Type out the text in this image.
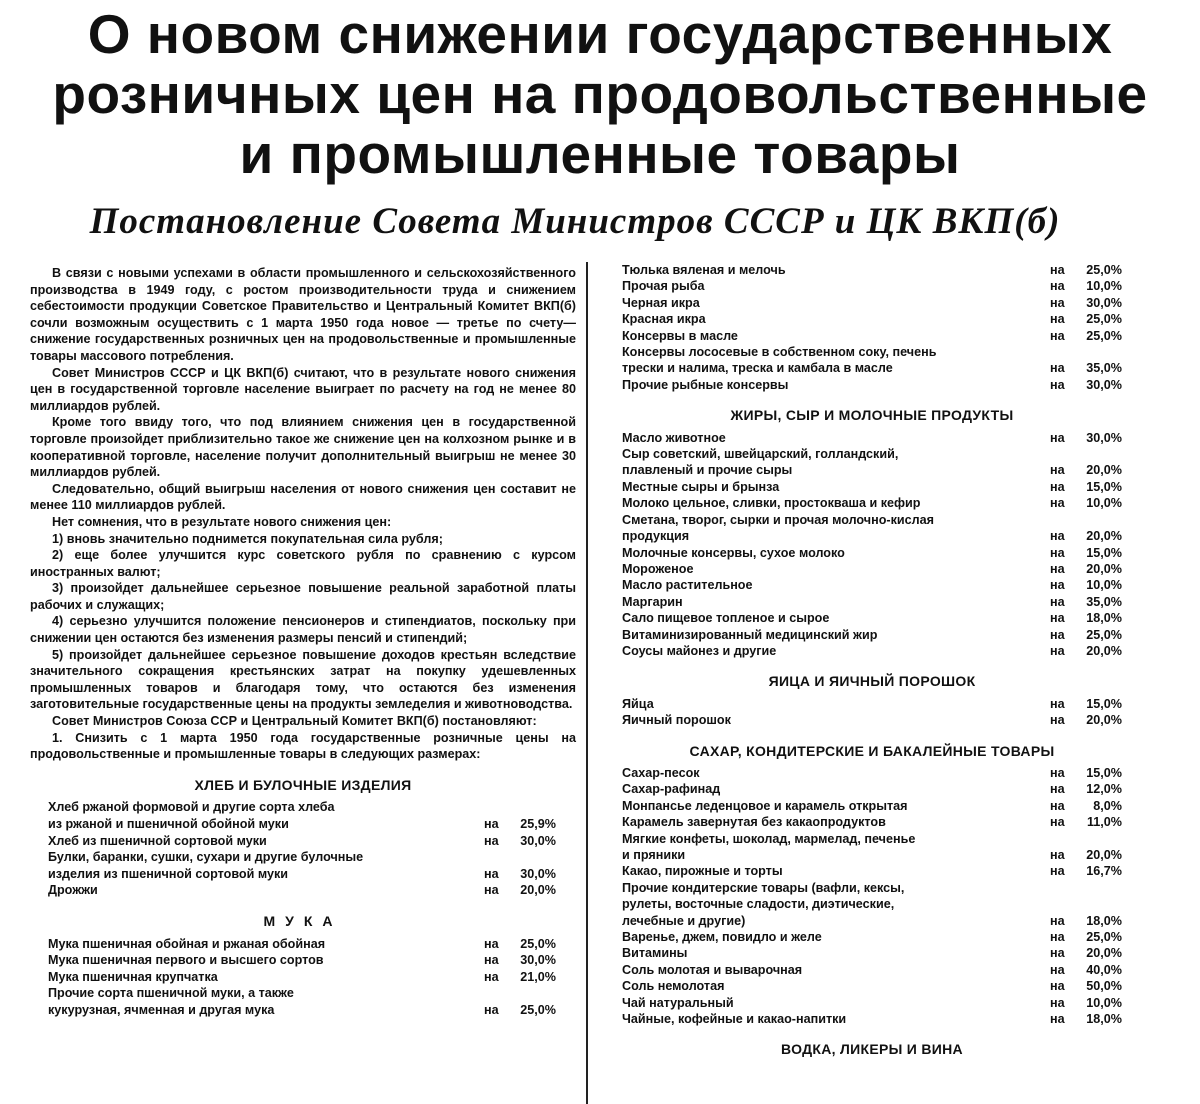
О новом снижении государственных
розничных цен на продовольственные
и промышленные товары
Постановление Совета Министров СССР и ЦК ВКП(б)

В связи с новыми успехами в области промышленного и сельскохозяйственного производства в 1949 году, с ростом производительности труда и снижением себестоимости продукции Советское Правительство и Центральный Комитет ВКП(б) сочли возможным осуществить с 1 марта 1950 года новое — третье по счету—снижение государственных розничных цен на продовольственные и промышленные товары массового потребления.

Совет Министров СССР и ЦК ВКП(б) считают, что в результате нового снижения цен в государственной торговле население выиграет по расчету на год не менее 80 миллиардов рублей.

Кроме того ввиду того, что под влиянием снижения цен в государственной торговле произойдет приблизительно такое же снижение цен на колхозном рынке и в кооперативной торговле, население получит дополнительный выигрыш не менее 30 миллиардов рублей.

Следовательно, общий выигрыш населения от нового снижения цен составит не менее 110 миллиардов рублей.

Нет сомнения, что в результате нового снижения цен:

1) вновь значительно поднимется покупательная сила рубля;

2) еще более улучшится курс советского рубля по сравнению с курсом иностранных валют;

3) произойдет дальнейшее серьезное повышение реальной заработной платы рабочих и служащих;

4) серьезно улучшится положение пенсионеров и стипендиатов, поскольку при снижении цен остаются без изменения размеры пенсий и стипендий;

5) произойдет дальнейшее серьезное повышение доходов крестьян вследствие значительного сокращения крестьянских затрат на покупку удешевленных промышленных товаров и благодаря тому, что остаются без изменения заготовительные государственные цены на продукты земледелия и животноводства.

Совет Министров Союза ССР и Центральный Комитет ВКП(б) постановляют:

1. Снизить с 1 марта 1950 года государственные розничные цены на продовольственные и промышленные товары в следующих размерах:

ХЛЕБ И БУЛОЧНЫЕ ИЗДЕЛИЯ
Хлеб ржаной формовой и другие сорта хлеба
из ржаной и пшеничной обойной муки	на	25,9%
Хлеб из пшеничной сортовой муки	на	30,0%
Булки, баранки, сушки, сухари и другие булочные
изделия из пшеничной сортовой муки	на	30,0%
Дрожжи	на	20,0%
МУКА
Мука пшеничная обойная и ржаная обойная	на	25,0%
Мука пшеничная первого и высшего сортов	на	30,0%
Мука пшеничная крупчатка	на	21,0%
Прочие сорта пшеничной муки, а также
кукурузная, ячменная и другая мука	на	25,0%
Тюлька вяленая и мелочь	на	25,0%
Прочая рыба	на	10,0%
Черная икра	на	30,0%
Красная икра	на	25,0%
Консервы в масле	на	25,0%
Консервы лососевые в собственном соку, печень
трески и налима, треска и камбала в масле	на	35,0%
Прочие рыбные консервы	на	30,0%
ЖИРЫ, СЫР И МОЛОЧНЫЕ ПРОДУКТЫ
Масло животное	на	30,0%
Сыр советский, швейцарский, голландский,
плавленый и прочие сыры	на	20,0%
Местные сыры и брынза	на	15,0%
Молоко цельное, сливки, простокваша и кефир	на	10,0%
Сметана, творог, сырки и прочая молочно-кислая
продукция	на	20,0%
Молочные консервы, сухое молоко	на	15,0%
Мороженое	на	20,0%
Масло растительное	на	10,0%
Маргарин	на	35,0%
Сало пищевое топленое и сырое	на	18,0%
Витаминизированный медицинский жир	на	25,0%
Соусы майонез и другие	на	20,0%
ЯИЦА И ЯИЧНЫЙ ПОРОШОК
Яйца	на	15,0%
Яичный порошок	на	20,0%
САХАР, КОНДИТЕРСКИЕ И БАКАЛЕЙНЫЕ ТОВАРЫ
Сахар-песок	на	15,0%
Сахар-рафинад	на	12,0%
Монпансье леденцовое и карамель открытая	на	8,0%
Карамель завернутая без какаопродуктов	на	11,0%
Мягкие конфеты, шоколад, мармелад, печенье
и пряники	на	20,0%
Какао, пирожные и торты	на	16,7%
Прочие кондитерские товары (вафли, кексы,
рулеты, восточные сладости, диэтические,
лечебные и другие)	на	18,0%
Варенье, джем, повидло и желе	на	25,0%
Витамины	на	20,0%
Соль молотая и выварочная	на	40,0%
Соль немолотая	на	50,0%
Чай натуральный	на	10,0%
Чайные, кофейные и какао-напитки	на	18,0%
ВОДКА, ЛИКЕРЫ И ВИНА
